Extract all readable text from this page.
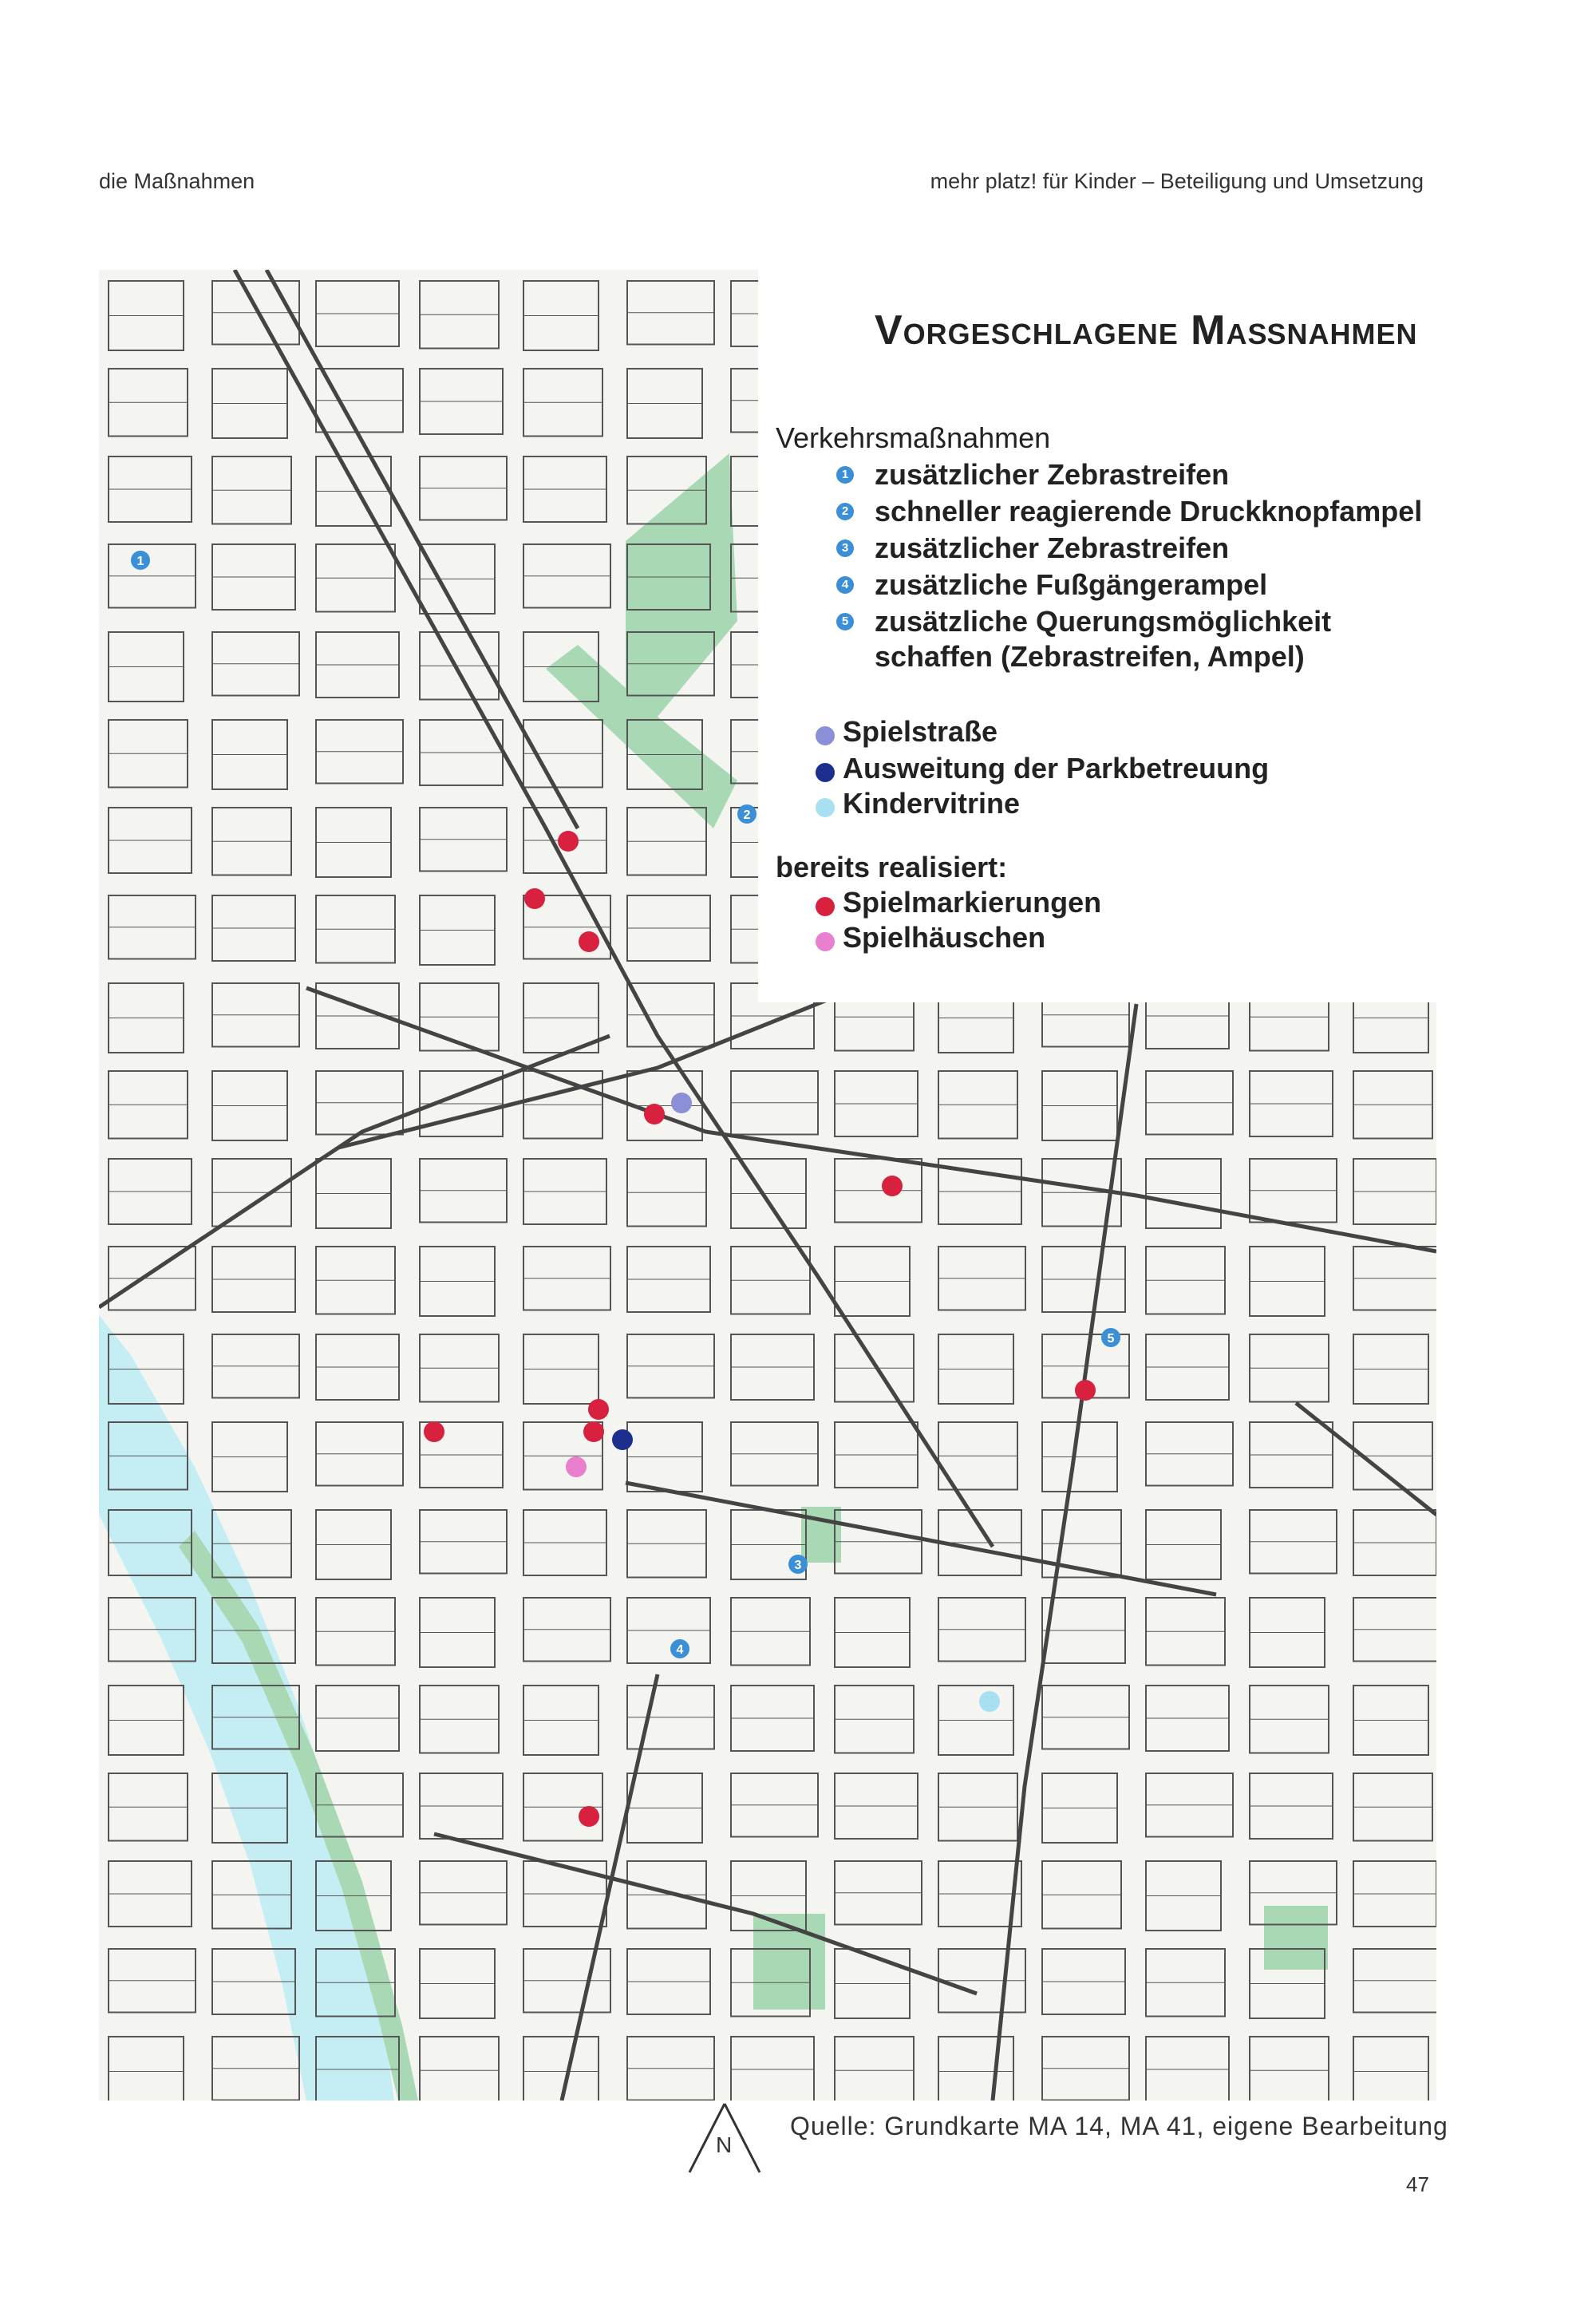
die Maßnahmen	mehr platz! für Kinder – Beteiligung und Umsetzung
1
2
3
4
5
Vorgeschlagene Maßnahmen
Verkehrsmaßnahmen
1 zusätzlicher Zebrastreifen
2 schneller reagierende Druckknopfampel
3 zusätzlicher Zebrastreifen
4 zusätzliche Fußgängerampel
5 zusätzliche Querungsmöglichkeit
schaffen (Zebrastreifen, Ampel)
Spielstraße
Ausweitung der Parkbetreuung
Kindervitrine
bereits realisiert:
Spielmarkierungen
Spielhäuschen
N
Quelle: Grundkarte MA 14, MA 41, eigene Bearbeitung
47
